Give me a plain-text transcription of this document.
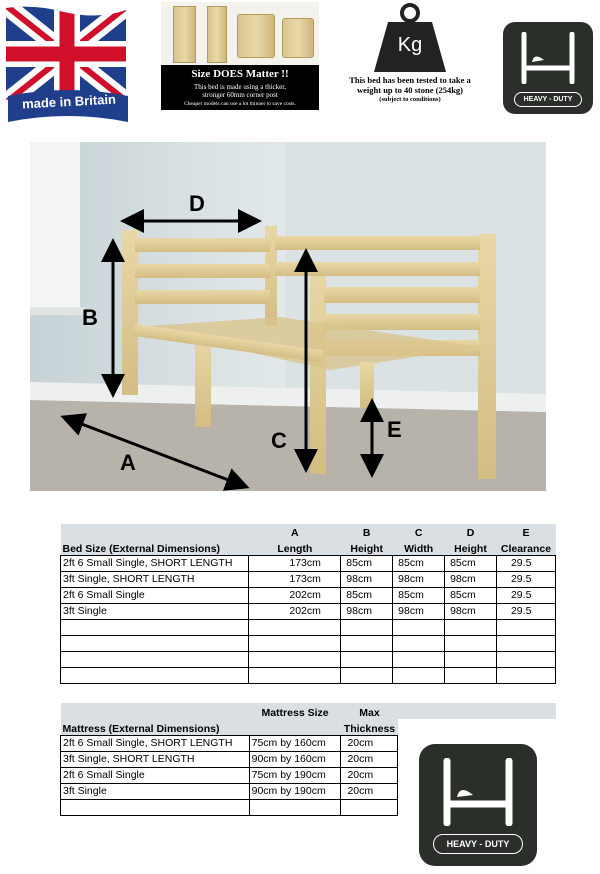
made in Britain
Size DOES Matter !!
This bed is made using a thicker,
stronger 60mm corner post
Cheaper models can use a lot thinner to save costs.
Kg
This bed has been tested to take a
weight up to 40 stone (254kg)
(subject to conditions)	HEAVY - DUTY
D
B
C	E
A
	A	B	C	D	E
Bed Size (External Dimensions)	Length	Height	Width	Height	Clearance
2ft 6 Small Single, SHORT LENGTH	173cm	85cm	85cm	85cm	29.5
3ft Single, SHORT LENGTH	173cm	98cm	98cm	98cm	29.5
2ft 6 Small Single	202cm	85cm	85cm	85cm	29.5
3ft Single	202cm	98cm	98cm	98cm	29.5

	Mattress Size	Max	
Mattress (External Dimensions)		Thickness	
2ft 6 Small Single, SHORT LENGTH	75cm by 160cm	20cm	
3ft Single, SHORT LENGTH	90cm by 160cm	20cm	
2ft 6 Small Single	75cm by 190cm	20cm	
3ft Single	90cm by 190cm	20cm	

HEAVY - DUTY
